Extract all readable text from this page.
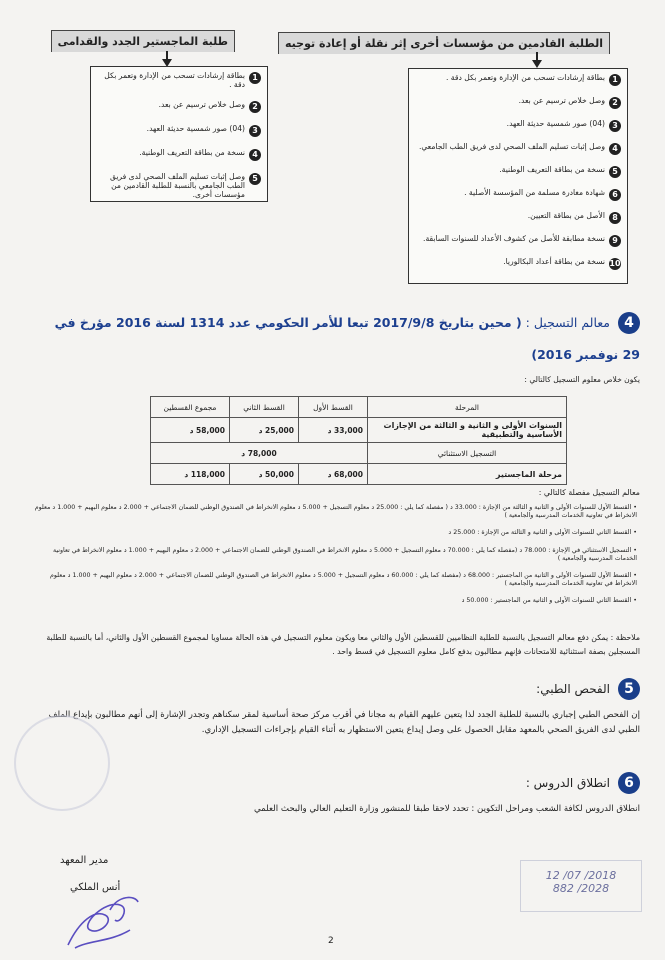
الطلبة القادمين من مؤسسات أخرى إثر نقلة أو إعادة توجيه
طلبة الماجستير الجدد والقدامى
1
بطاقة إرشادات تسحب من الإدارة وتعمر بكل دقة .
2
وصل خلاص ترسيم عن بعد.
3
(04) صور شمسية حديثة العهد.
4
وصل إثبات تسليم الملف الصحي لدى فريق الطب الجامعي.
5
نسخة من بطاقة التعريف الوطنية.
6
شهادة مغادرة مسلمة من المؤسسة الأصلية .
8
الأصل من بطاقة التعيين.
9
نسخة مطابقة للأصل من كشوف الأعداد للسنوات السابقة.
10
نسخة من بطاقة أعداد البكالوريا.
1
بطاقة إرشادات تسحب من الإدارة وتعمر بكل دقة .
2
وصل خلاص ترسيم عن بعد.
3
(04) صور شمسية حديثة العهد.
4
نسخة من بطاقة التعريف الوطنية.
5
وصل إثبات تسليم الملف الصحي لدى فريق الطب الجامعي بالنسبة للطلبة القادمين من مؤسسات أخرى.
4
معالم التسجيل : ( محين بتاريخ 2017/9/8 تبعا للأمر الحكومي عدد 1314 لسنة 2016 مؤرخ في
29 نوفمبر 2016)
يكون خلاص معلوم التسجيل كالتالي :
المرحلة	القسط الأول	القسط الثاني	مجموع القسطين
السنوات الأولى و الثانية و الثالثة من الإجازات الأساسية والتطبيقية	33,000 د	25,000 د	58,000 د
التسجيل الاستثنائي	78,000 د		
مرحلة الماجستير	68,000 د	50,000 د	118,000 د
معالم التسجيل مفصلة كالتالي :
• القسط الأول للسنوات الأولى و الثانية و الثالثة من الإجازة : 33.000 د ( مفصلة كما يلي : 25.000 د معلوم التسجيل + 5.000 د معلوم الانخراط في الصندوق الوطني للضمان الاجتماعي + 2.000 د معلوم البهيم + 1.000 د معلوم الانخراط في تعاونية الخدمات المدرسية والجامعية )
• القسط الثاني للسنوات الأولى و الثانية و الثالثة من الإجازة : 25.000 د
• التسجيل الاستثنائي في الإجازة : 78.000 د (مفصلة كما يلي : 70.000 د معلوم التسجيل + 5.000 د معلوم الانخراط في الصندوق الوطني للضمان الاجتماعي + 2.000 د معلوم البهيم + 1.000 د معلوم الانخراط في تعاونية الخدمات المدرسية والجامعية )
• القسط الأول للسنوات الأولى و الثانية من الماجستير : 68.000 د (مفصلة كما يلي : 60.000 د معلوم التسجيل + 5.000 د معلوم الانخراط في الصندوق الوطني للضمان الاجتماعي + 2.000 د معلوم البهيم + 1.000 د معلوم الانخراط في تعاونية الخدمات المدرسية والجامعية )
• القسط الثاني للسنوات الأولى و الثانية من الماجستير : 50.000 د
ملاحظة : يمكن دفع معالم التسجيل بالنسبة للطلبة النظاميين للقسطين الأول والثاني معا ويكون معلوم التسجيل في هذه الحالة مساويا لمجموع القسطين الأول والثاني، أما بالنسبة للطلبة المسجلين بصفة استثنائية للامتحانات فإنهم مطالبون بدفع كامل معلوم التسجيل في قسط واحد .
5
الفحص الطبي:
إن الفحص الطبي إجباري بالنسبة للطلبة الجدد لذا يتعين عليهم القيام به مجانا في أقرب مركز صحة أساسية لمقر سكناهم وتجدر الإشارة إلى أنهم مطالبون بإيداع الملف الطبي لدى الفريق الصحي بالمعهد مقابل الحصول على وصل إيداع يتعين الاستظهار به أثناء القيام بإجراءات التسجيل الإداري.
6
انطلاق الدروس :
انطلاق الدروس لكافة الشعب ومراحل التكوين : تحدد لاحقا طبقا للمنشور وزارة التعليم العالي والبحث العلمي
مدير المعهد
أنس الملكي
2018/ 07/ 12
2028/ 882
2
